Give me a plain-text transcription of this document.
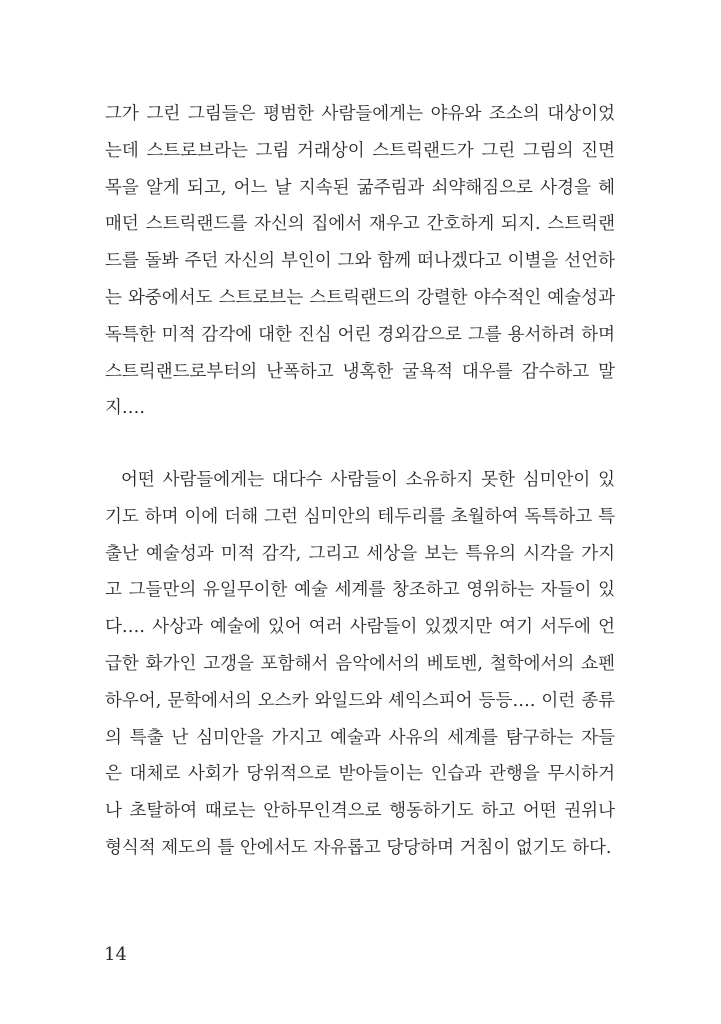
그가 그린 그림들은 평범한 사람들에게는 야유와 조소의 대상이었
는데 스트로브라는 그림 거래상이 스트릭랜드가 그린 그림의 진면
목을 알게 되고, 어느 날 지속된 굶주림과 쇠약해짐으로 사경을 헤
매던 스트릭랜드를 자신의 집에서 재우고 간호하게 되지. 스트릭랜
드를 돌봐 주던 자신의 부인이 그와 함께 떠나겠다고 이별을 선언하
는 와중에서도 스트로브는 스트릭랜드의 강렬한 야수적인 예술성과
독특한 미적 감각에 대한 진심 어린 경외감으로 그를 용서하려 하며
스트릭랜드로부터의 난폭하고 냉혹한 굴욕적 대우를 감수하고 말
지….
어떤 사람들에게는 대다수 사람들이 소유하지 못한 심미안이 있
기도 하며 이에 더해 그런 심미안의 테두리를 초월하여 독특하고 특
출난 예술성과 미적 감각, 그리고 세상을 보는 특유의 시각을 가지
고 그들만의 유일무이한 예술 세계를 창조하고 영위하는 자들이 있
다…. 사상과 예술에 있어 여러 사람들이 있겠지만 여기 서두에 언
급한 화가인 고갱을 포함해서 음악에서의 베토벤, 철학에서의 쇼펜
하우어, 문학에서의 오스카 와일드와 셰익스피어 등등…. 이런 종류
의 특출 난 심미안을 가지고 예술과 사유의 세계를 탐구하는 자들
은 대체로 사회가 당위적으로 받아들이는 인습과 관행을 무시하거
나 초탈하여 때로는 안하무인격으로 행동하기도 하고 어떤 권위나
형식적 제도의 틀 안에서도 자유롭고 당당하며 거침이 없기도 하다.
14
